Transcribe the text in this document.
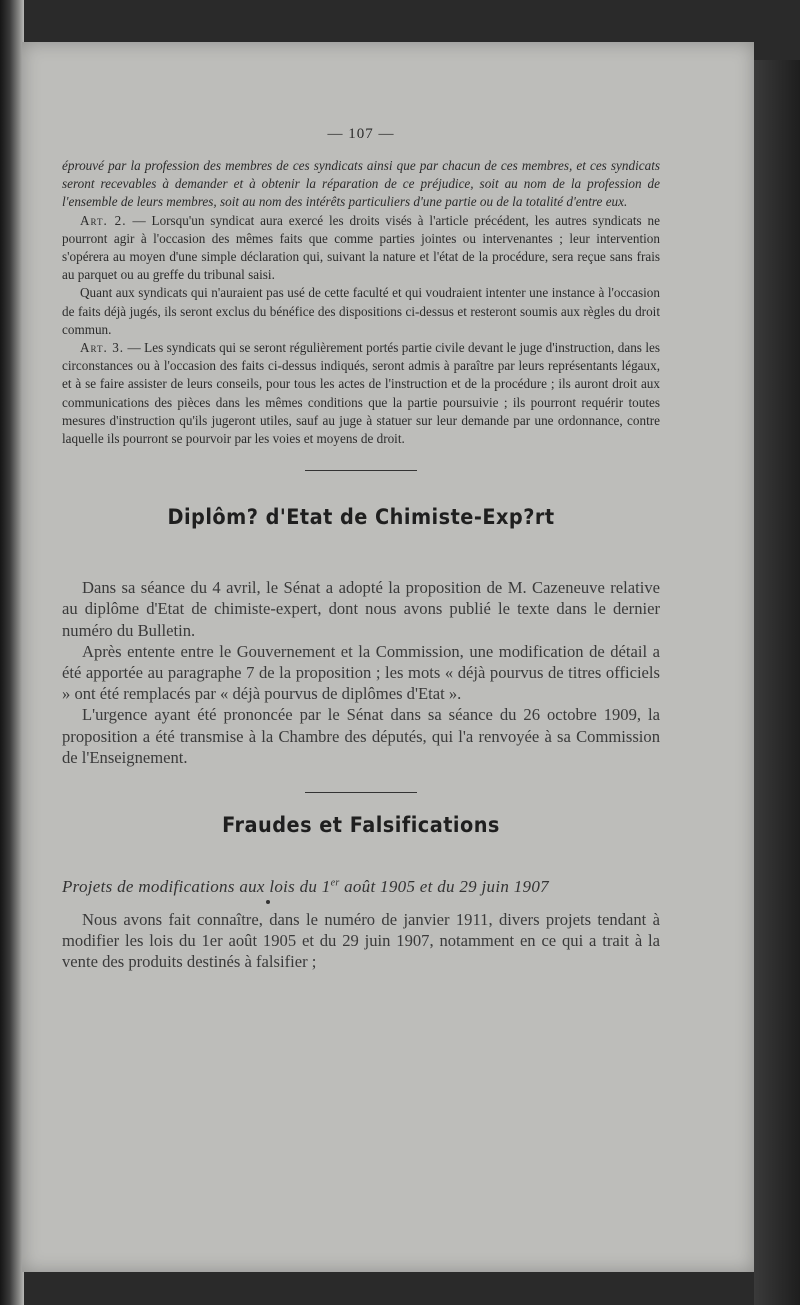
— 107 —

éprouvé par la profession des membres de ces syndicats ainsi que par chacun de ces membres, et ces syndicats seront recevables à demander et à obtenir la réparation de ce préjudice, soit au nom de la profession de l'ensemble de leurs membres, soit au nom des intérêts particuliers d'une partie ou de la totalité d'entre eux.

Art. 2. — Lorsqu'un syndicat aura exercé les droits visés à l'article précédent, les autres syndicats ne pourront agir à l'occasion des mêmes faits que comme parties jointes ou intervenantes ; leur intervention s'opérera au moyen d'une simple déclaration qui, suivant la nature et l'état de la procédure, sera reçue sans frais au parquet ou au greffe du tribunal saisi.

Quant aux syndicats qui n'auraient pas usé de cette faculté et qui voudraient intenter une instance à l'occasion de faits déjà jugés, ils seront exclus du bénéfice des dispositions ci-dessus et resteront soumis aux règles du droit commun.

Art. 3. — Les syndicats qui se seront régulièrement portés partie civile devant le juge d'instruction, dans les circonstances ou à l'occasion des faits ci-dessus indiqués, seront admis à paraître par leurs représentants légaux, et à se faire assister de leurs conseils, pour tous les actes de l'instruction et de la procédure ; ils auront droit aux communications des pièces dans les mêmes conditions que la partie poursuivie ; ils pourront requérir toutes mesures d'instruction qu'ils jugeront utiles, sauf au juge à statuer sur leur demande par une ordonnance, contre laquelle ils pourront se pourvoir par les voies et moyens de droit.

Diplôm? d'Etat de Chimiste-Exp?rt

Dans sa séance du 4 avril, le Sénat a adopté la proposition de M. Cazeneuve relative au diplôme d'Etat de chimiste-expert, dont nous avons publié le texte dans le dernier numéro du Bulletin.

Après entente entre le Gouvernement et la Commission, une modification de détail a été apportée au paragraphe 7 de la proposition ; les mots « déjà pourvus de titres officiels » ont été remplacés par « déjà pourvus de diplômes d'Etat ».

L'urgence ayant été prononcée par le Sénat dans sa séance du 26 octobre 1909, la proposition a été transmise à la Chambre des députés, qui l'a renvoyée à sa Commission de l'Enseignement.

Fraudes et Falsifications
Projets de modifications aux lois du 1er août 1905 et du 29 juin 1907

Nous avons fait connaître, dans le numéro de janvier 1911, divers projets tendant à modifier les lois du 1er août 1905 et du 29 juin 1907, notamment en ce qui a trait à la vente des produits destinés à falsifier ;
